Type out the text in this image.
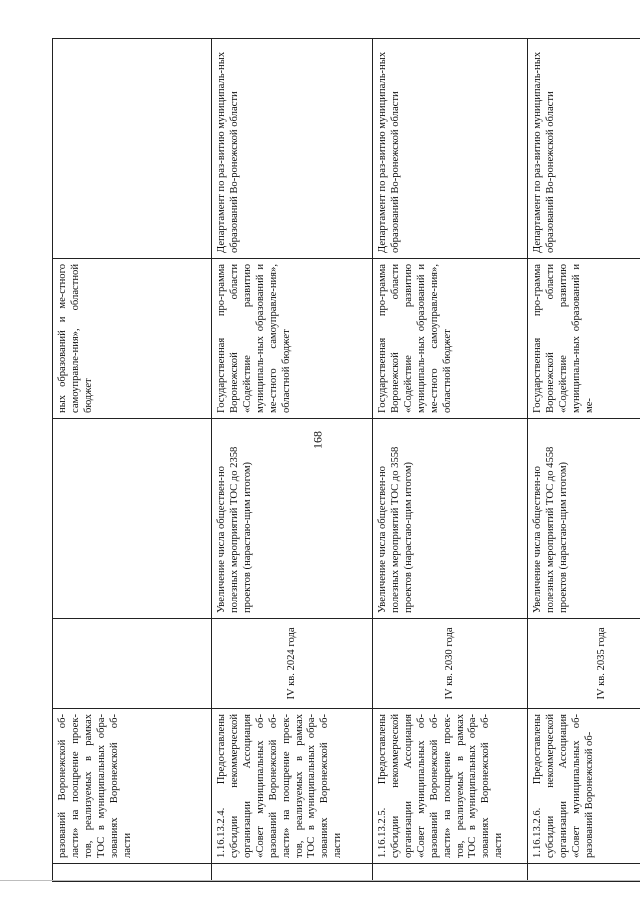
168
	разований Воронежской об-ласти» на поощрение проек-тов, реализуемых в рамках ТОС в муниципальных обра-зованиях Воронежской об-ласти			ных образований и ме-стного самоуправле-ния», областной бюджет	
	1.16.13.2.4. Предоставлены субсидии некоммерческой организации Ассоциация «Совет муниципальных об-разований Воронежской об-ласти» на поощрение проек-тов, реализуемых в рамках ТОС в муниципальных обра-зованиях Воронежской об-ласти	IV кв. 2024 года	Увеличение числа обществен-но полезных мероприятий ТОС до 2358 проектов (нарастаю-щим итогом)	Государственная про-грамма Воронежской области «Содействие развитию муниципаль-ных образований и ме-стного самоуправле-ния», областной бюджет	Департамент по раз-витию муниципаль-ных образований Во-ронежской области
	1.16.13.2.5. Предоставлены субсидии некоммерческой организации Ассоциация «Совет муниципальных об-разований Воронежской об-ласти» на поощрение проек-тов, реализуемых в рамках ТОС в муниципальных обра-зованиях Воронежской об-ласти	IV кв. 2030 года	Увеличение числа обществен-но полезных мероприятий ТОС до 3558 проектов (нарастаю-щим итогом)	Государственная про-грамма Воронежской области «Содействие развитию муниципаль-ных образований и ме-стного самоуправле-ния», областной бюджет	Департамент по раз-витию муниципаль-ных образований Во-ронежской области
	1.16.13.2.6. Предоставлены субсидии некоммерческой организации Ассоциация «Совет муниципальных об-разований Воронежской об-	IV кв. 2035 года	Увеличение числа обществен-но полезных мероприятий ТОС до 4558 проектов (нарастаю-щим итогом)	Государственная про-грамма Воронежской области «Содействие развитию муниципаль-ных образований и ме-	Департамент по раз-витию муниципаль-ных образований Во-ронежской области
